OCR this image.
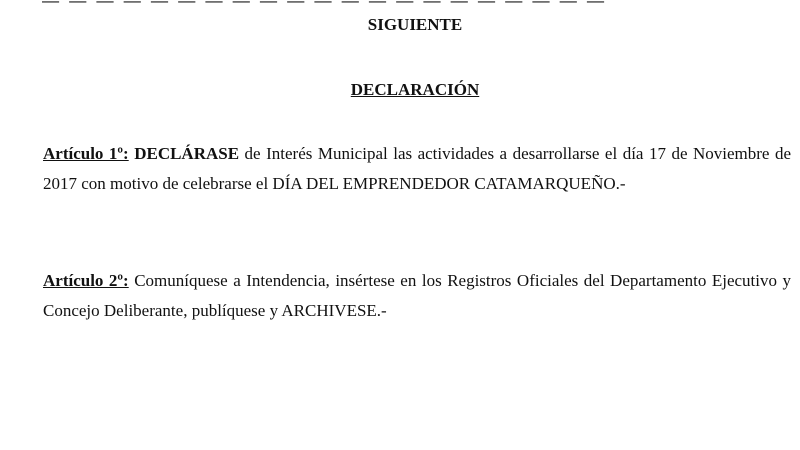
— — — — — — — — — — — — — — — — — — — — —
SIGUIENTE
DECLARACIÓN
Artículo 1º: DECLÁRASE de Interés Municipal las actividades a desarrollarse el día 17 de Noviembre de 2017 con motivo de celebrarse el DÍA DEL EMPRENDEDOR CATAMARQUEÑO.-
Artículo 2º: Comuníquese a Intendencia, insértese en los Registros Oficiales del Departamento Ejecutivo y Concejo Deliberante, publíquese y ARCHIVESE.-
